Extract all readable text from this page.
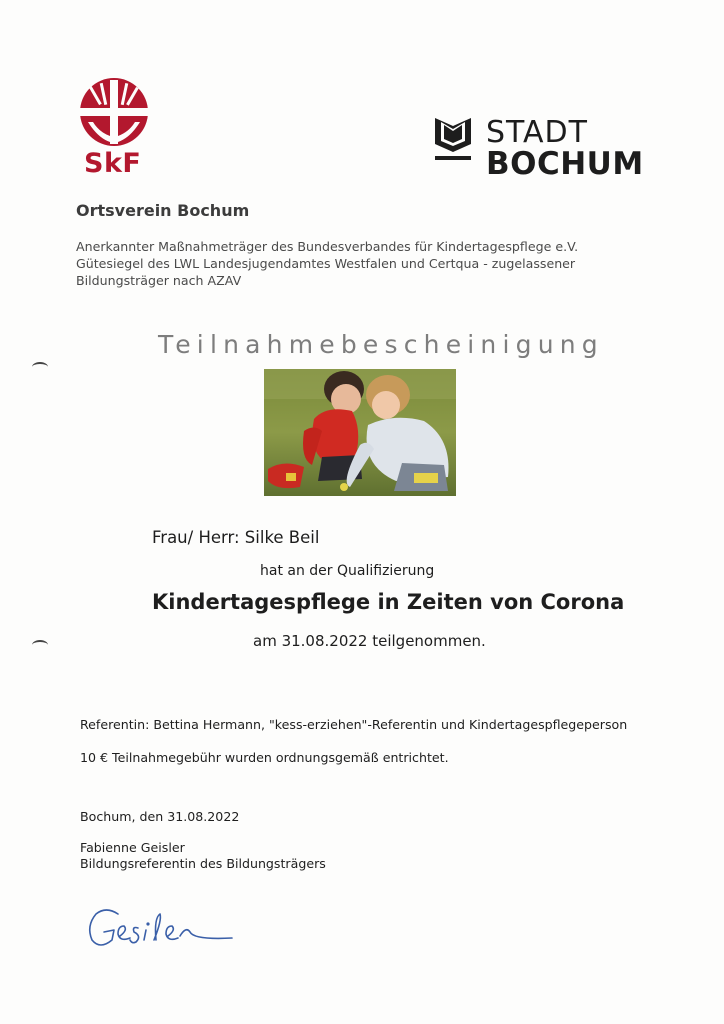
SkF
STADT
BOCHUM
Ortsverein Bochum
Anerkannter Maßnahmeträger des Bundesverbandes für Kindertagespflege e.V.
Gütesiegel des LWL Landesjugendamtes Westfalen und Certqua - zugelassener
Bildungsträger nach AZAV
Teilnahmebescheinigung
Frau/ Herr: Silke Beil
hat an der Qualifizierung
Kindertagespflege in Zeiten von Corona
am 31.08.2022 teilgenommen.
Referentin: Bettina Hermann, "kess-erziehen"-Referentin und Kindertagespflegeperson
10 € Teilnahmegebühr wurden ordnungsgemäß entrichtet.
Bochum, den 31.08.2022
Fabienne Geisler
Bildungsreferentin des Bildungsträgers
